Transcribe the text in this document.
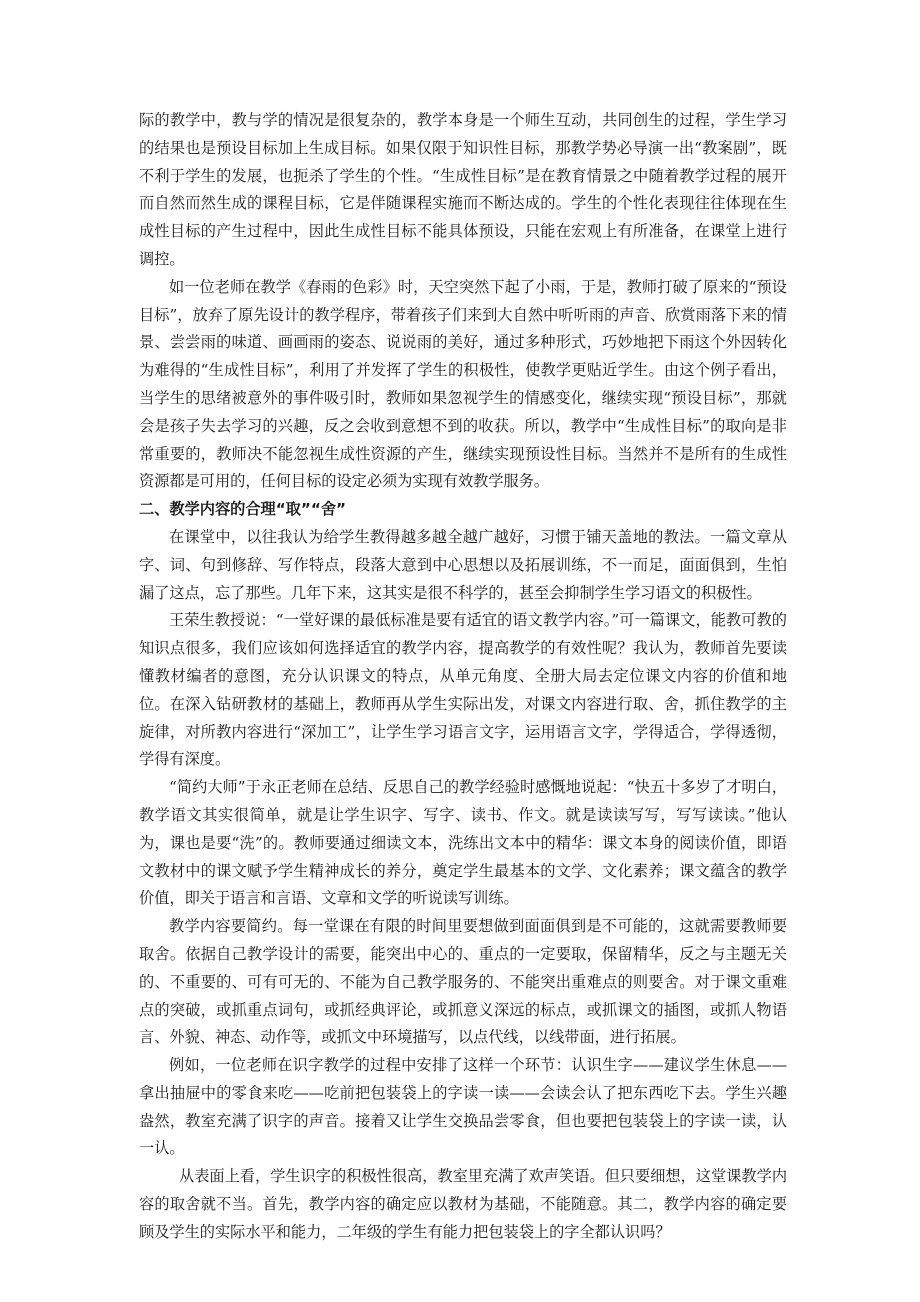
际的教学中，教与学的情况是很复杂的，教学本身是一个师生互动，共同创生的过程，学生学习的结果也是预设目标加上生成目标。如果仅限于知识性目标，那教学势必导演一出“教案剧”，既不利于学生的发展，也扼杀了学生的个性。“生成性目标”是在教育情景之中随着教学过程的展开而自然而然生成的课程目标，它是伴随课程实施而不断达成的。学生的个性化表现往往体现在生成性目标的产生过程中，因此生成性目标不能具体预设，只能在宏观上有所准备，在课堂上进行调控。

如一位老师在教学《春雨的色彩》时，天空突然下起了小雨，于是，教师打破了原来的“预设目标”，放弃了原先设计的教学程序，带着孩子们来到大自然中听听雨的声音、欣赏雨落下来的情景、尝尝雨的味道、画画雨的姿态、说说雨的美好，通过多种形式，巧妙地把下雨这个外因转化为难得的“生成性目标”，利用了并发挥了学生的积极性，使教学更贴近学生。由这个例子看出，当学生的思绪被意外的事件吸引时，教师如果忽视学生的情感变化，继续实现“预设目标”，那就会是孩子失去学习的兴趣，反之会收到意想不到的收获。所以，教学中“生成性目标”的取向是非常重要的，教师决不能忽视生成性资源的产生，继续实现预设性目标。当然并不是所有的生成性资源都是可用的，任何目标的设定必须为实现有效教学服务。

二、教学内容的合理“取”“舍”

在课堂中，以往我认为给学生教得越多越全越广越好，习惯于铺天盖地的教法。一篇文章从字、词、句到修辞、写作特点，段落大意到中心思想以及拓展训练，不一而足，面面俱到，生怕漏了这点，忘了那些。几年下来，这其实是很不科学的，甚至会抑制学生学习语文的积极性。

王荣生教授说：“一堂好课的最低标准是要有适宜的语文教学内容。”可一篇课文，能教可教的知识点很多，我们应该如何选择适宜的教学内容，提高教学的有效性呢？我认为，教师首先要读懂教材编者的意图，充分认识课文的特点，从单元角度、全册大局去定位课文内容的价值和地位。在深入钻研教材的基础上，教师再从学生实际出发，对课文内容进行取、舍，抓住教学的主旋律，对所教内容进行“深加工”，让学生学习语言文字，运用语言文字，学得适合，学得透彻，学得有深度。

“简约大师”于永正老师在总结、反思自己的教学经验时感慨地说起：“快五十多岁了才明白，教学语文其实很简单，就是让学生识字、写字、读书、作文。就是读读写写，写写读读。”他认为，课也是要“洗”的。教师要通过细读文本，洗练出文本中的精华：课文本身的阅读价值，即语文教材中的课文赋予学生精神成长的养分，奠定学生最基本的文学、文化素养；课文蕴含的教学价值，即关于语言和言语、文章和文学的听说读写训练。

教学内容要简约。每一堂课在有限的时间里要想做到面面俱到是不可能的，这就需要教师要取舍。依据自己教学设计的需要，能突出中心的、重点的一定要取，保留精华，反之与主题无关的、不重要的、可有可无的、不能为自己教学服务的、不能突出重难点的则要舍。对于课文重难点的突破，或抓重点词句，或抓经典评论，或抓意义深远的标点，或抓课文的插图，或抓人物语言、外貌、神态、动作等，或抓文中环境描写，以点代线，以线带面，进行拓展。

例如，一位老师在识字教学的过程中安排了这样一个环节：认识生字——建议学生休息——拿出抽屉中的零食来吃——吃前把包装袋上的字读一读——会读会认了把东西吃下去。学生兴趣盎然，教室充满了识字的声音。接着又让学生交换品尝零食，但也要把包装袋上的字读一读，认一认。

从表面上看，学生识字的积极性很高，教室里充满了欢声笑语。但只要细想，这堂课教学内容的取舍就不当。首先，教学内容的确定应以教材为基础，不能随意。其二，教学内容的确定要顾及学生的实际水平和能力，二年级的学生有能力把包装袋上的字全都认识吗？
